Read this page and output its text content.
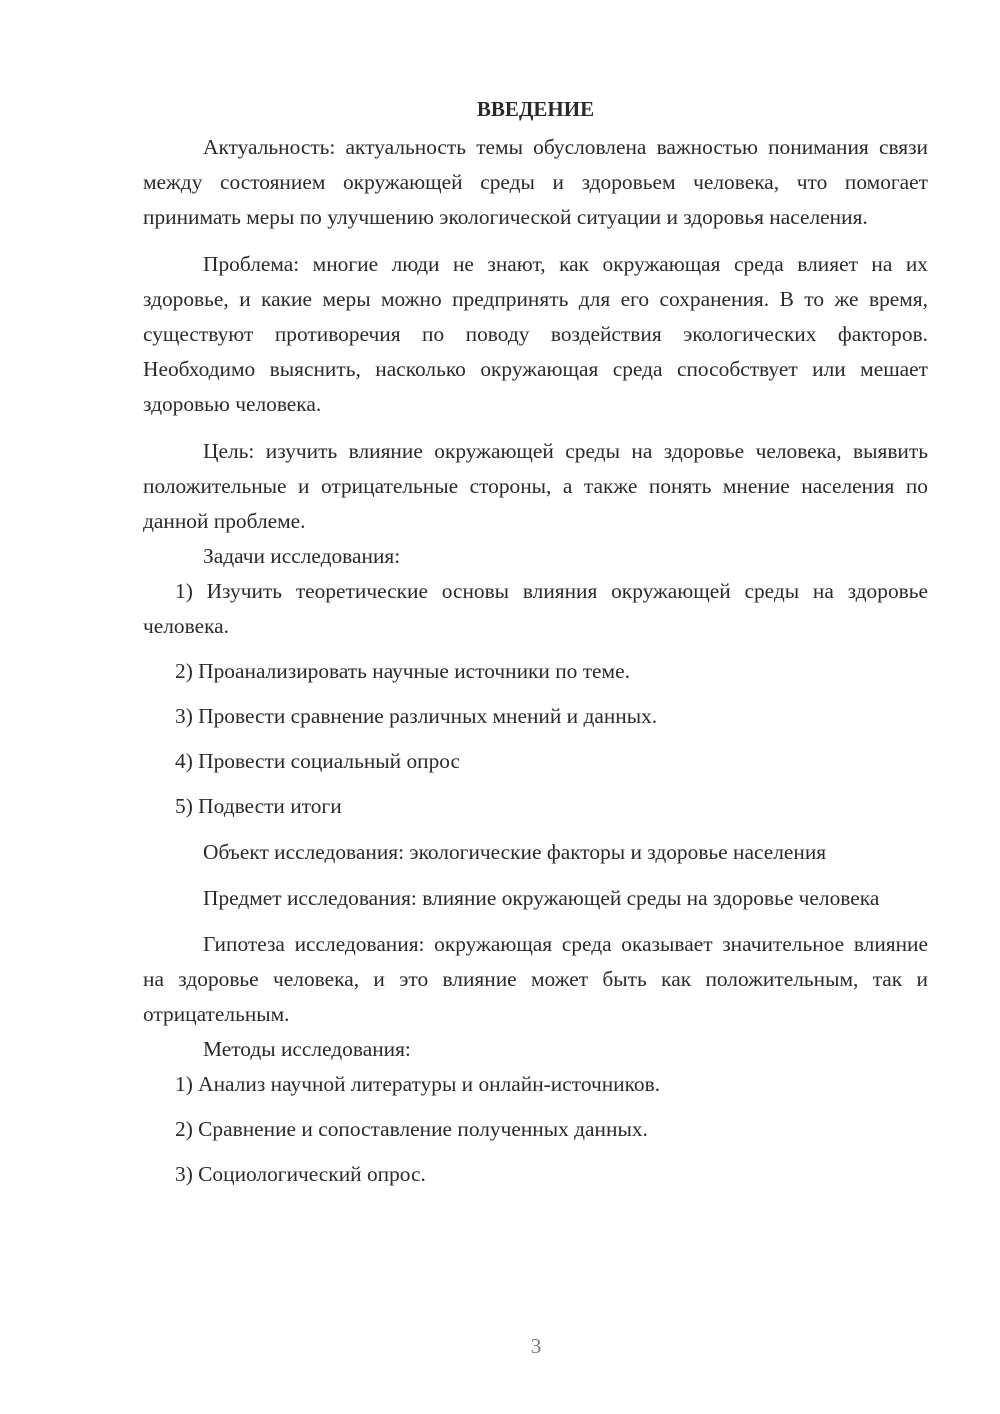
ВВЕДЕНИЕ

Актуальность: актуальность темы обусловлена важностью понимания связи между состоянием окружающей среды и здоровьем человека, что помогает принимать меры по улучшению экологической ситуации и здоровья населения.

Проблема: многие люди не знают, как окружающая среда влияет на их здоровье, и какие меры можно предпринять для его сохранения. В то же время, существуют противоречия по поводу воздействия экологических факторов. Необходимо выяснить, насколько окружающая среда способствует или мешает здоровью человека.

Цель: изучить влияние окружающей среды на здоровье человека, выявить положительные и отрицательные стороны, а также понять мнение населения по данной проблеме.

Задачи исследования:

1) Изучить теоретические основы влияния окружающей среды на здоровье человека.

2) Проанализировать научные источники по теме.

3) Провести сравнение различных мнений и данных.

4) Провести социальный опрос

5) Подвести итоги

Объект исследования: экологические факторы и здоровье населения

Предмет исследования: влияние окружающей среды на здоровье человека

Гипотеза исследования: окружающая среда оказывает значительное влияние на здоровье человека, и это влияние может быть как положительным, так и отрицательным.

Методы исследования:

1) Анализ научной литературы и онлайн-источников.

2) Сравнение и сопоставление полученных данных.

3) Социологический опрос.

3
